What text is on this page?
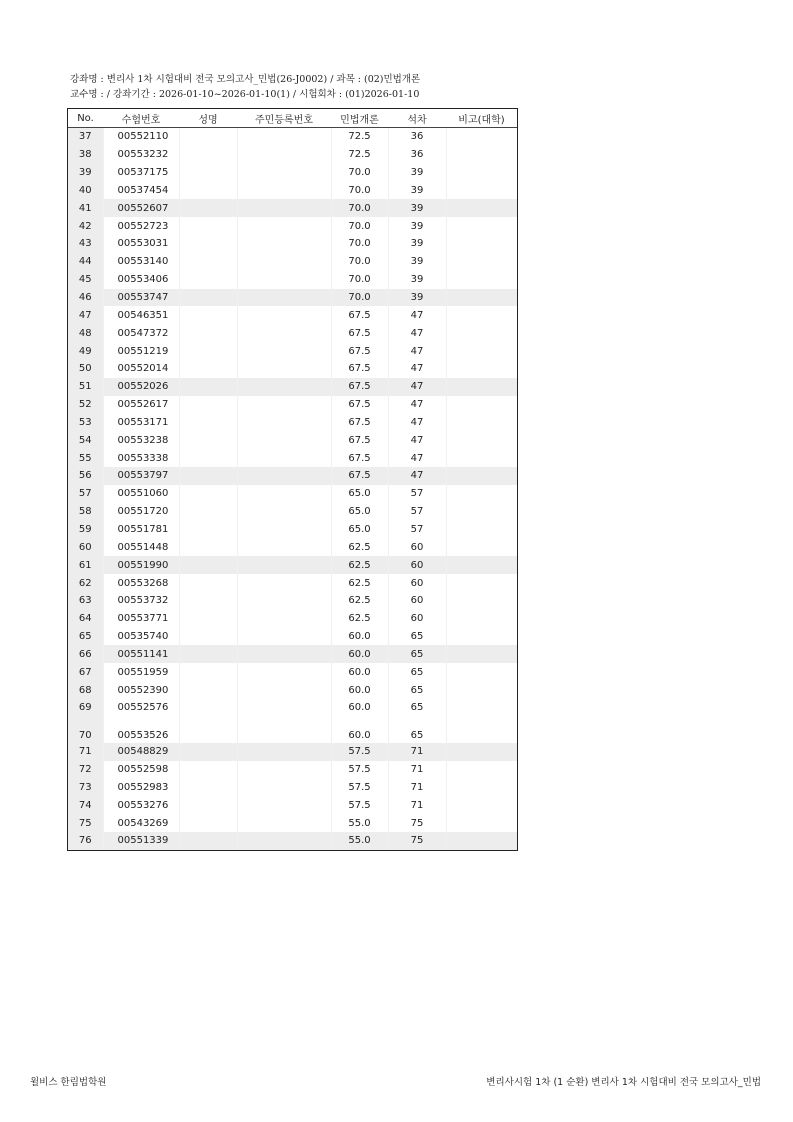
강좌명 : 변리사 1차 시험대비 전국 모의고사_민법(26-J0002) / 과목 : (02)민법개론
교수명 : / 강좌기간 : 2026-01-10~2026-01-10(1) / 시험회차 : (01)2026-01-10
No.	수험번호	성명	주민등록번호	민법개론	석차	비고(대학)
37	00552110			72.5	36	
38	00553232			72.5	36	
39	00537175			70.0	39	
40	00537454			70.0	39	
41	00552607			70.0	39	
42	00552723			70.0	39	
43	00553031			70.0	39	
44	00553140			70.0	39	
45	00553406			70.0	39	
46	00553747			70.0	39	
47	00546351			67.5	47	
48	00547372			67.5	47	
49	00551219			67.5	47	
50	00552014			67.5	47	
51	00552026			67.5	47	
52	00552617			67.5	47	
53	00553171			67.5	47	
54	00553238			67.5	47	
55	00553338			67.5	47	
56	00553797			67.5	47	
57	00551060			65.0	57	
58	00551720			65.0	57	
59	00551781			65.0	57	
60	00551448			62.5	60	
61	00551990			62.5	60	
62	00553268			62.5	60	
63	00553732			62.5	60	
64	00553771			62.5	60	
65	00535740			60.0	65	
66	00551141			60.0	65	
67	00551959			60.0	65	
68	00552390			60.0	65	
69	00552576			60.0	65	
70	00553526			60.0	65	
71	00548829			57.5	71	
72	00552598			57.5	71	
73	00552983			57.5	71	
74	00553276			57.5	71	
75	00543269			55.0	75	
76	00551339			55.0	75	
윌비스 한림법학원	변리사시험 1차 (1 순환) 변리사 1차 시험대비 전국 모의고사_민법
